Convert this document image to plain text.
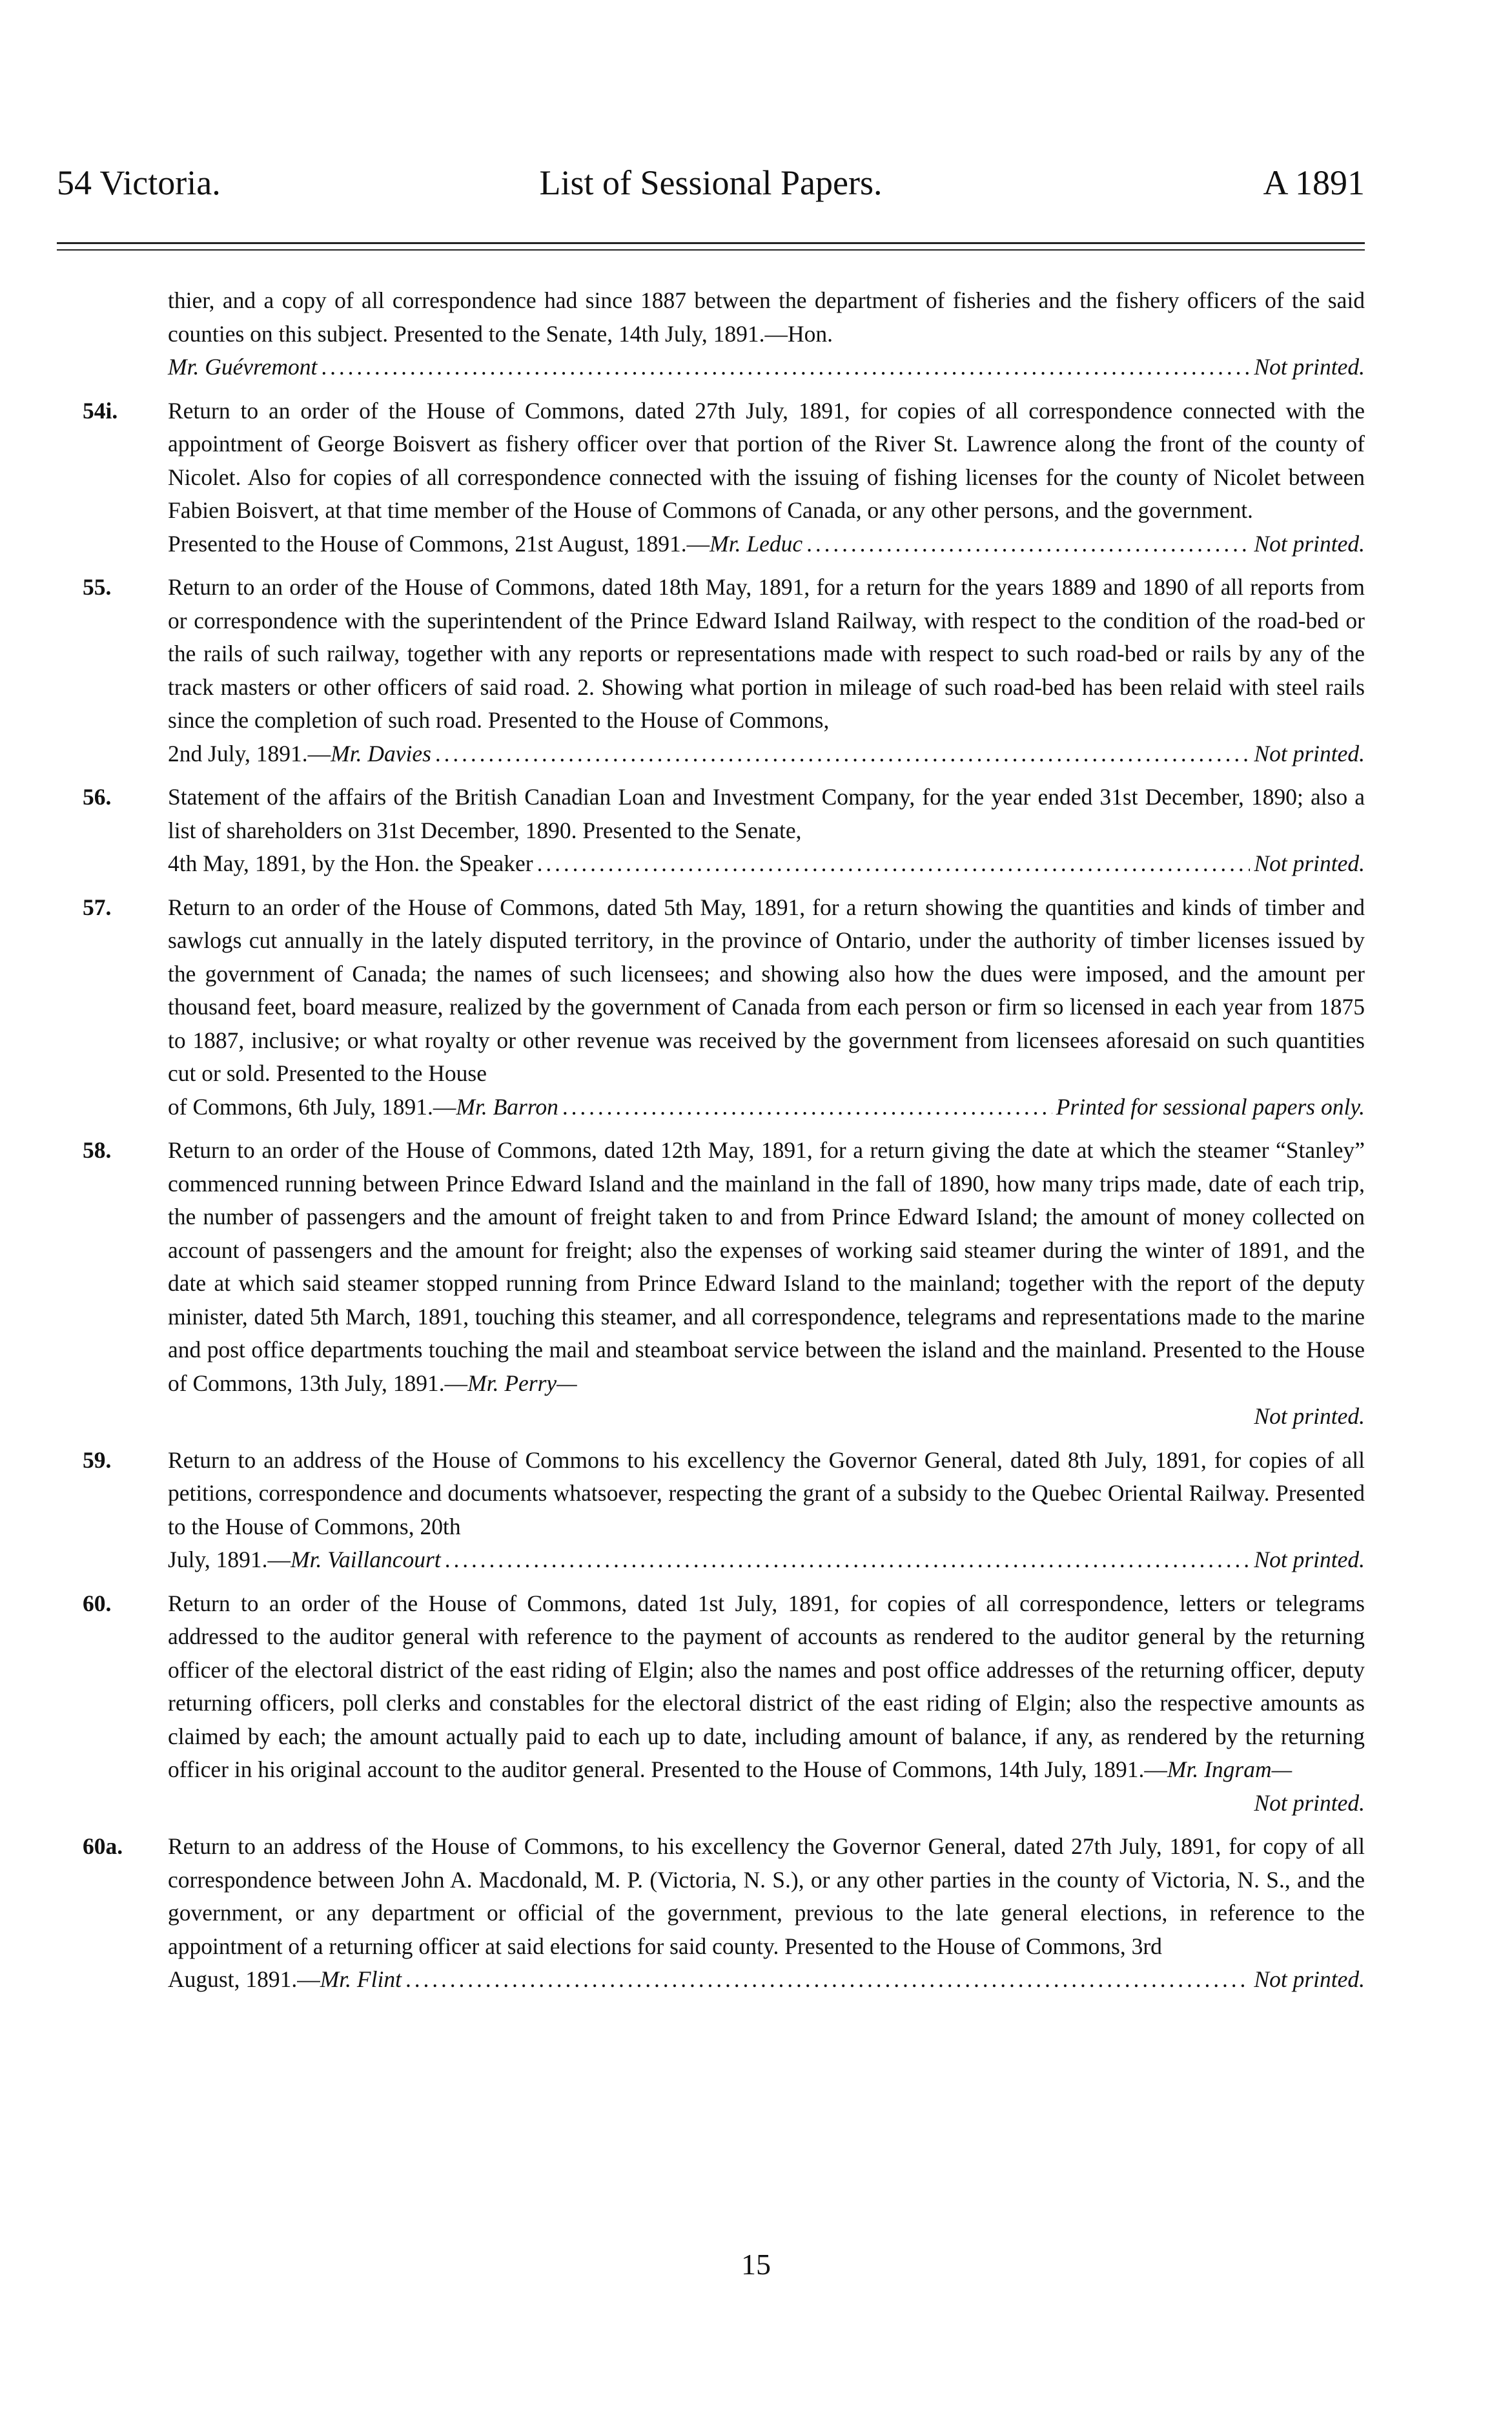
54 Victoria.	List of Sessional Papers.	A 1891
thier, and a copy of all correspondence had since 1887 between the department of fisheries and the fishery officers of the said counties on this subject. Presented to the Senate, 14th July, 1891.—Hon.
Mr. Guévremont . . .	Not printed.
54i. Return to an order of the House of Commons, dated 27th July, 1891, for copies of all correspondence connected with the appointment of George Boisvert as fishery officer over that portion of the River St. Lawrence along the front of the county of Nicolet. Also for copies of all correspondence connected with the issuing of fishing licenses for the county of Nicolet between Fabien Boisvert, at that time member of the House of Commons of Canada, or any other persons, and the government.
Presented to the House of Commons, 21st August, 1891.—Mr. Leduc . . .	Not printed.
55. Return to an order of the House of Commons, dated 18th May, 1891, for a return for the years 1889 and 1890 of all reports from or correspondence with the superintendent of the Prince Edward Island Railway, with respect to the condition of the road-bed or the rails of such railway, together with any reports or representations made with respect to such road-bed or rails by any of the track masters or other officers of said road. 2. Showing what portion in mileage of such road-bed has been relaid with steel rails since the completion of such road. Presented to the House of Commons,
2nd July, 1891.—Mr. Davies . . .	Not printed.
56. Statement of the affairs of the British Canadian Loan and Investment Company, for the year ended 31st December, 1890; also a list of shareholders on 31st December, 1890. Presented to the Senate,
4th May, 1891, by the Hon. the Speaker . . .	Not printed.
57. Return to an order of the House of Commons, dated 5th May, 1891, for a return showing the quantities and kinds of timber and sawlogs cut annually in the lately disputed territory, in the province of Ontario, under the authority of timber licenses issued by the government of Canada; the names of such licensees; and showing also how the dues were imposed, and the amount per thousand feet, board measure, realized by the government of Canada from each person or firm so licensed in each year from 1875 to 1887, inclusive; or what royalty or other revenue was received by the government from licensees aforesaid on such quantities cut or sold. Presented to the House
of Commons, 6th July, 1891.—Mr. Barron . . .	Printed for sessional papers only.
58. Return to an order of the House of Commons, dated 12th May, 1891, for a return giving the date at which the steamer “Stanley” commenced running between Prince Edward Island and the mainland in the fall of 1890, how many trips made, date of each trip, the number of passengers and the amount of freight taken to and from Prince Edward Island; the amount of money collected on account of passengers and the amount for freight; also the expenses of working said steamer during the winter of 1891, and the date at which said steamer stopped running from Prince Edward Island to the mainland; together with the report of the deputy minister, dated 5th March, 1891, touching this steamer, and all correspondence, telegrams and representations made to the marine and post office departments touching the mail and steamboat service between the island and the mainland. Presented to the House of Commons, 13th July, 1891.—Mr. Perry—
Not printed.
59. Return to an address of the House of Commons to his excellency the Governor General, dated 8th July, 1891, for copies of all petitions, correspondence and documents whatsoever, respecting the grant of a subsidy to the Quebec Oriental Railway. Presented to the House of Commons, 20th
July, 1891.—Mr. Vaillancourt . . .	Not printed.
60. Return to an order of the House of Commons, dated 1st July, 1891, for copies of all correspondence, letters or telegrams addressed to the auditor general with reference to the payment of accounts as rendered to the auditor general by the returning officer of the electoral district of the east riding of Elgin; also the names and post office addresses of the returning officer, deputy returning officers, poll clerks and constables for the electoral district of the east riding of Elgin; also the respective amounts as claimed by each; the amount actually paid to each up to date, including amount of balance, if any, as rendered by the returning officer in his original account to the auditor general. Presented to the House of Commons, 14th July, 1891.—Mr. Ingram—
Not printed.
60a. Return to an address of the House of Commons, to his excellency the Governor General, dated 27th July, 1891, for copy of all correspondence between John A. Macdonald, M. P. (Victoria, N. S.), or any other parties in the county of Victoria, N. S., and the government, or any department or official of the government, previous to the late general elections, in reference to the appointment of a returning officer at said elections for said county. Presented to the House of Commons, 3rd
August, 1891.—Mr. Flint . . .	Not printed.
15
